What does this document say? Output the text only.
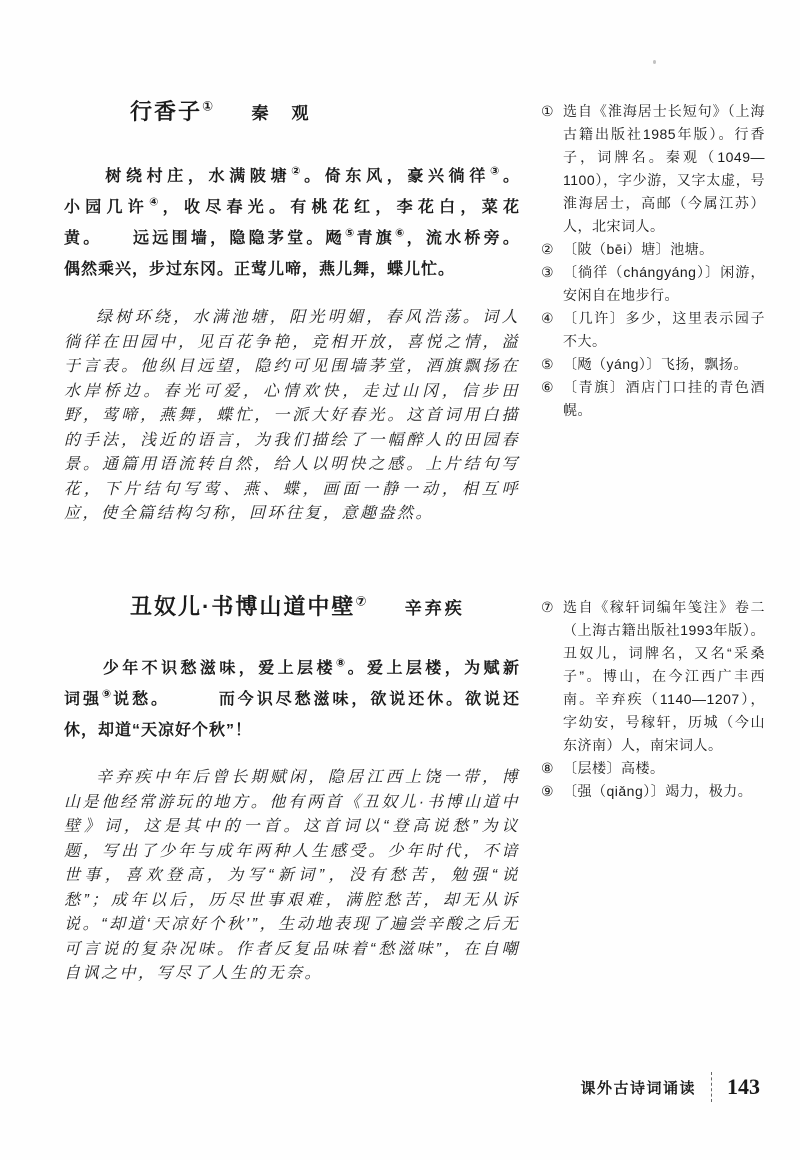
行香子① 秦　观
　　树绕村庄，水满陂塘②。倚东风，豪兴徜徉③。
小园几许④，收尽春光。有桃花红，李花白，菜花
黄。　　远远围墙，隐隐茅堂。飏⑤青旗⑥，流水桥旁。
偶然乘兴，步过东冈。正莺儿啼，燕儿舞，蝶儿忙。
绿树环绕，水满池塘，阳光明媚，春风浩荡。词人徜徉在田园中，见百花争艳，竞相开放，喜悦之情，溢于言表。他纵目远望，隐约可见围墙茅堂，酒旗飘扬在水岸桥边。春光可爱，心情欢快，走过山冈，信步田野，莺啼，燕舞，蝶忙，一派大好春光。这首词用白描的手法，浅近的语言，为我们描绘了一幅醉人的田园春景。通篇用语流转自然，给人以明快之感。上片结句写花，下片结句写莺、燕、蝶，画面一静一动，相互呼应，使全篇结构匀称，回环往复，意趣盎然。
丑奴儿·书博山道中壁⑦ 辛弃疾
　　少年不识愁滋味，爱上层楼⑧。爱上层楼，为赋新
词强⑨说愁。　　　而今识尽愁滋味，欲说还休。欲说还
休，却道“天凉好个秋”！
辛弃疾中年后曾长期赋闲，隐居江西上饶一带，博山是他经常游玩的地方。他有两首《丑奴儿·书博山道中壁》词，这是其中的一首。这首词以“登高说愁”为议题，写出了少年与成年两种人生感受。少年时代，不谙世事，喜欢登高，为写“新词”，没有愁苦，勉强“说愁”；成年以后，历尽世事艰难，满腔愁苦，却无从诉说。“却道‘天凉好个秋’”，生动地表现了遍尝辛酸之后无可言说的复杂况味。作者反复品味着“愁滋味”，在自嘲自讽之中，写尽了人生的无奈。
① 选自《淮海居士长短句》（上海古籍出版社1985年版）。行香子，词牌名。秦观（1049—1100），字少游，又字太虚，号淮海居士，高邮（今属江苏）人，北宋词人。
② 〔陂（bēi）塘〕池塘。
③ 〔徜徉（chángyáng）〕闲游，安闲自在地步行。
④ 〔几许〕多少，这里表示园子不大。
⑤ 〔飏（yáng）〕飞扬，飘扬。
⑥ 〔青旗〕酒店门口挂的青色酒幌。
⑦ 选自《稼轩词编年笺注》卷二（上海古籍出版社1993年版）。丑奴儿，词牌名，又名“采桑子”。博山，在今江西广丰西南。辛弃疾（1140—1207），字幼安，号稼轩，历城（今山东济南）人，南宋词人。
⑧ 〔层楼〕高楼。
⑨ 〔强（qiǎng）〕竭力，极力。
课外古诗词诵读 143
